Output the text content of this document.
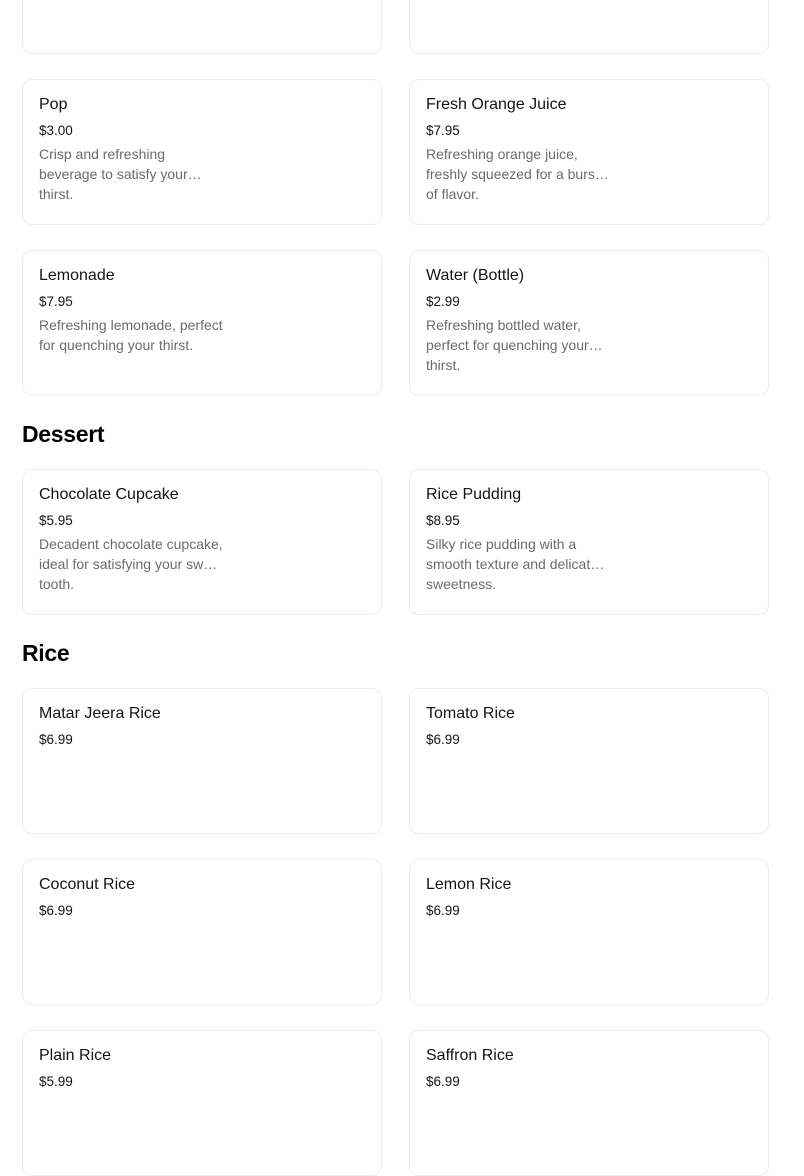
Pop
$3.00
Crisp and refreshing beverage to satisfy your thirst.
Fresh Orange Juice
$7.95
Refreshing orange juice, freshly squeezed for a burst of flavor.
Lemonade
$7.95
Refreshing lemonade, perfect for quenching your thirst.
Water (Bottle)
$2.99
Refreshing bottled water, perfect for quenching your thirst.
Dessert
Chocolate Cupcake
$5.95
Decadent chocolate cupcake, ideal for satisfying your sweet tooth.
Rice Pudding
$8.95
Silky rice pudding with a smooth texture and delicate sweetness.
Rice
Matar Jeera Rice
$6.99
Tomato Rice
$6.99
Coconut Rice
$6.99
Lemon Rice
$6.99
Plain Rice
$5.99
Saffron Rice
$6.99
